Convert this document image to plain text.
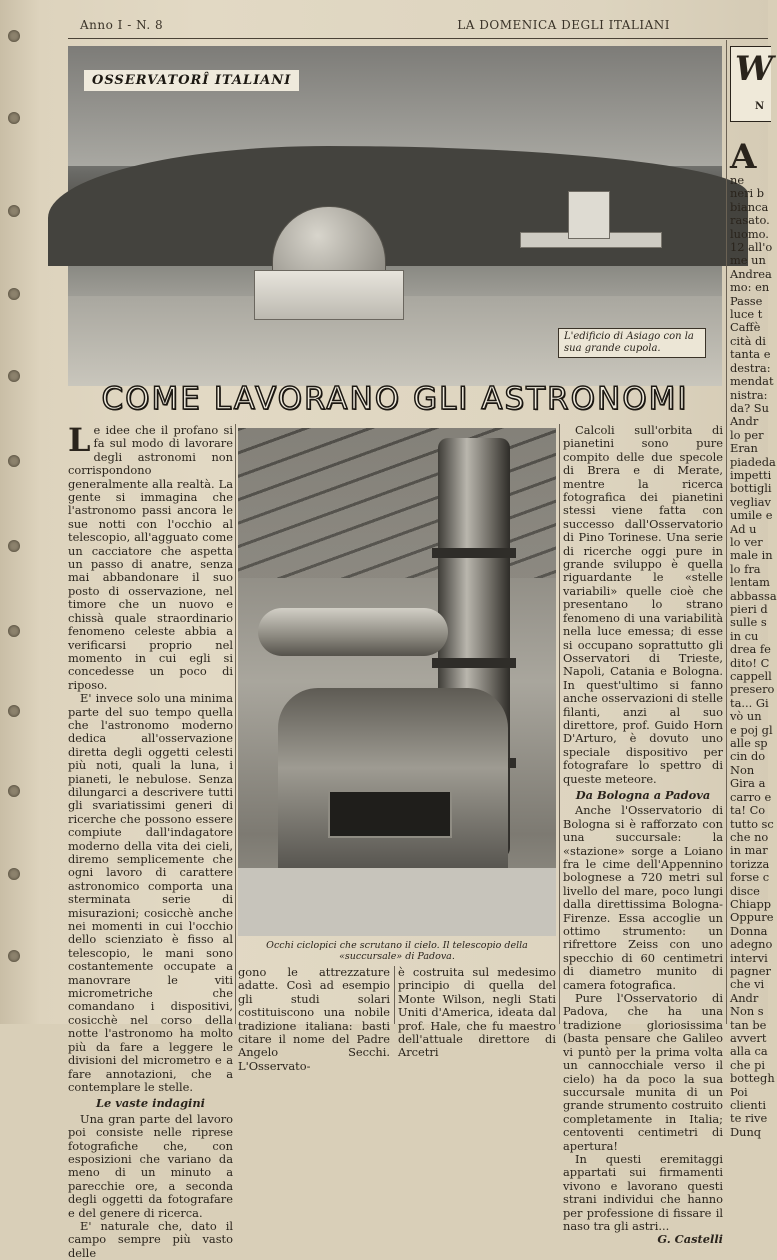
Anno I - N. 8	LA DOMENICA DEGLI ITALIANI
OSSERVATORÎ ITALIANI
L'edificio di Asiago con la sua grande cupola.
COME LAVORANO GLI ASTRONOMI
L e idee che il profano si fa sul modo di lavorare degli astronomi non corrispondono generalmente alla realtà. La gente si immagina che l'astronomo passi ancora le sue notti con l'occhio al telescopio, all'agguato come un cacciatore che aspetta un passo di anatre, senza mai abbandonare il suo posto di osservazione, nel timore che un nuovo e chissà quale straordinario fenomeno celeste abbia a verificarsi proprio nel momento in cui egli si concedesse un poco di riposo.

E' invece solo una minima parte del suo tempo quella che l'astronomo moderno dedica all'osservazione diretta degli oggetti celesti più noti, quali la luna, i pianeti, le nebulose. Senza dilungarci a descrivere tutti gli svariatissimi generi di ricerche che possono essere compiute dall'indagatore moderno della vita dei cieli, diremo semplicemente che ogni lavoro di carattere astronomico comporta una sterminata serie di misurazioni; cosicchè anche nei momenti in cui l'occhio dello scienziato è fisso al telescopio, le mani sono costantemente occupate a manovrare le viti micrometriche che comandano i dispositivi, cosicchè nel corso della notte l'astronomo ha molto più da fare a leggere le divisioni del micrometro e a fare annotazioni, che a contemplare le stelle.

Le vaste indagini

Una gran parte del lavoro poi consiste nelle riprese fotografiche che, con esposizioni che variano da meno di un minuto a parecchie ore, a seconda degli oggetti da fotografare e del genere di ricerca.

E' naturale che, dato il campo sempre più vasto delle

Occhi ciclopici che scrutano il cielo. Il telescopio della «succursale» di Padova.
gono le attrezzature adatte. Così ad esempio gli studi solari costituiscono una nobile tradizione italiana: basti citare il nome del Padre Angelo Secchi. L'Osservato-
è costruita sul medesimo principio di quella del Monte Wilson, negli Stati Uniti d'America, ideata dal prof. Hale, che fu maestro dell'attuale direttore di Arcetri

Calcoli sull'orbita di pianetini sono pure compito delle due specole di Brera e di Merate, mentre la ricerca fotografica dei pianetini stessi viene fatta con successo dall'Osservatorio di Pino Torinese. Una serie di ricerche oggi pure in grande sviluppo è quella riguardante le «stelle variabili» quelle cioè che presentano lo strano fenomeno di una variabilità nella luce emessa; di esse si occupano soprattutto gli Osservatori di Trieste, Napoli, Catania e Bologna. In quest'ultimo si fanno anche osservazioni di stelle filanti, anzi al suo direttore, prof. Guido Horn D'Arturo, è dovuto uno speciale dispositivo per fotografare lo spettro di queste meteore.

Da Bologna a Padova

Anche l'Osservatorio di Bologna si è rafforzato con una succursale: la «stazione» sorge a Loiano fra le cime dell'Appennino bolognese a 720 metri sul livello del mare, poco lungi dalla direttissima Bologna-Firenze. Essa accoglie un ottimo strumento: un rifrettore Zeiss con uno specchio di 60 centimetri di diametro munito di camera fotografica.

Pure l'Osservatorio di Padova, che ha una tradizione gloriosissima (basta pensare che Galileo vi puntò per la prima volta un cannocchiale verso il cielo) ha da poco la sua succursale munita di un grande strumento costruito completamente in Italia; centoventi centimetri di apertura!

In questi eremitaggi appartati sui firmamenti vivono e lavorano questi strani individui che hanno per professione di fissare il naso tra gli astri...

G. Castelli

W
N
A
ne
neri b
bianca
rasato.
luomo.
12 all'o
me un
Andrea
mo: en
Passe
luce t
Caffè
cità di
tanta e
destra:
mendat
nistra:
da? Su
Andr
lo per
Eran
piadeda
impetti
bottigli
vegliav
umile e
Ad u
lo ver
male in
lo fra
lentam
abbassa
pieri d
sulle s
in cu
drea fe
dito! C
cappell
presero
ta... Gi
vò un
e poj gl
alle sp
cin do
Non
Gira a
carro e
ta! Co
tutto sc
che no
in mar
torizza
forse c
disce
Chiapp
Oppure
Donna
adegno
intervi
pagner
che vi
Andr
Non s
tan be
avvert
alla ca
che pi
bottegh
Poi
clienti
te rive
Dunq
